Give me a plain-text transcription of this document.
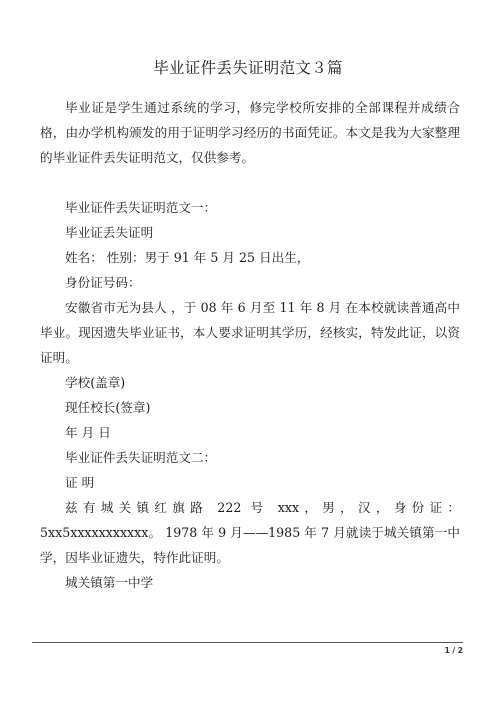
毕业证件丢失证明范文３篇

毕业证是学生通过系统的学习，修完学校所安排的全部课程并成绩合格，由办学机构颁发的用于证明学习经历的书面凭证。本文是我为大家整理的毕业证件丢失证明范文，仅供参考。

毕业证件丢失证明范文一：

毕业证丢失证明

姓名： 性别：男于 91 年 5 月 25 日出生，

身份证号码：

安徽省市无为县人 ，于 08 年 6 月至 11 年 8 月 在本校就读普通高中毕业。现因遗失毕业证书，本人要求证明其学历，经核实，特发此证，以资证明。

学校(盖章)

现任校长(签章)

年 月 日

毕业证件丢失证明范文二：

证 明

兹有城关镇红旗路 222 号 xxx，男，汉，身份证：5xx5xxxxxxxxxxx。 1978 年 9 月——1985 年 7 月就读于城关镇第一中学，因毕业证遗失，特作此证明。

城关镇第一中学

1 / 2
